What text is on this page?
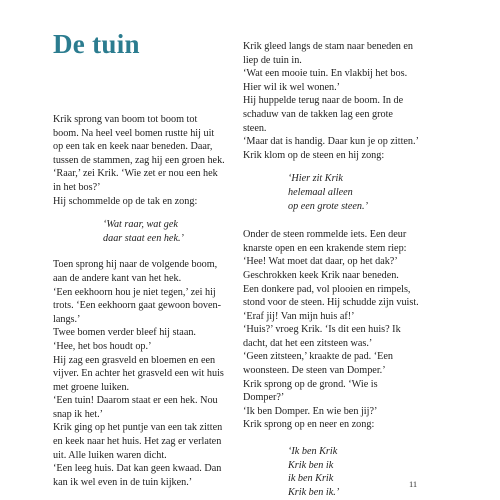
De tuin
Krik sprong van boom tot boom tot
boom. Na heel veel bomen rustte hij uit
op een tak en keek naar beneden. Daar,
tussen de stammen, zag hij een groen hek.
‘Raar,’ zei Krik. ‘Wie zet er nou een hek
in het bos?’
Hij schommelde op de tak en zong:
‘Wat raar, wat gek
daar staat een hek.’
Toen sprong hij naar de volgende boom,
aan de andere kant van het hek.
‘Een eekhoorn hou je niet tegen,’ zei hij
trots. ‘Een eekhoorn gaat gewoon boven-
langs.’
Twee bomen verder bleef hij staan.
‘Hee, het bos houdt op.’
Hij zag een grasveld en bloemen en een
vijver. En achter het grasveld een wit huis
met groene luiken.
‘Een tuin! Daarom staat er een hek. Nou
snap ik het.’
Krik ging op het puntje van een tak zitten
en keek naar het huis. Het zag er verlaten
uit. Alle luiken waren dicht.
‘Een leeg huis. Dat kan geen kwaad. Dan
kan ik wel even in de tuin kijken.’
Krik gleed langs de stam naar beneden en
liep de tuin in.
‘Wat een mooie tuin. En vlakbij het bos.
Hier wil ik wel wonen.’
Hij huppelde terug naar de boom. In de
schaduw van de takken lag een grote
steen.
‘Maar dat is handig. Daar kun je op zitten.’
Krik klom op de steen en hij zong:
‘Hier zit Krik
helemaal alleen
op een grote steen.’
Onder de steen rommelde iets. Een deur
knarste open en een krakende stem riep:
‘Hee! Wat moet dat daar, op het dak?’
Geschrokken keek Krik naar beneden.
Een donkere pad, vol plooien en rimpels,
stond voor de steen. Hij schudde zijn vuist.
‘Eraf jij! Van mijn huis af!’
‘Huis?’ vroeg Krik. ‘Is dit een huis? Ik
dacht, dat het een zitsteen was.’
‘Geen zitsteen,’ kraakte de pad. ‘Een
woonsteen. De steen van Domper.’
Krik sprong op de grond. ‘Wie is
Domper?’
‘Ik ben Domper. En wie ben jij?’
Krik sprong op en neer en zong:
‘Ik ben Krik
Krik ben ik
ik ben Krik
Krik ben ik.’
11
